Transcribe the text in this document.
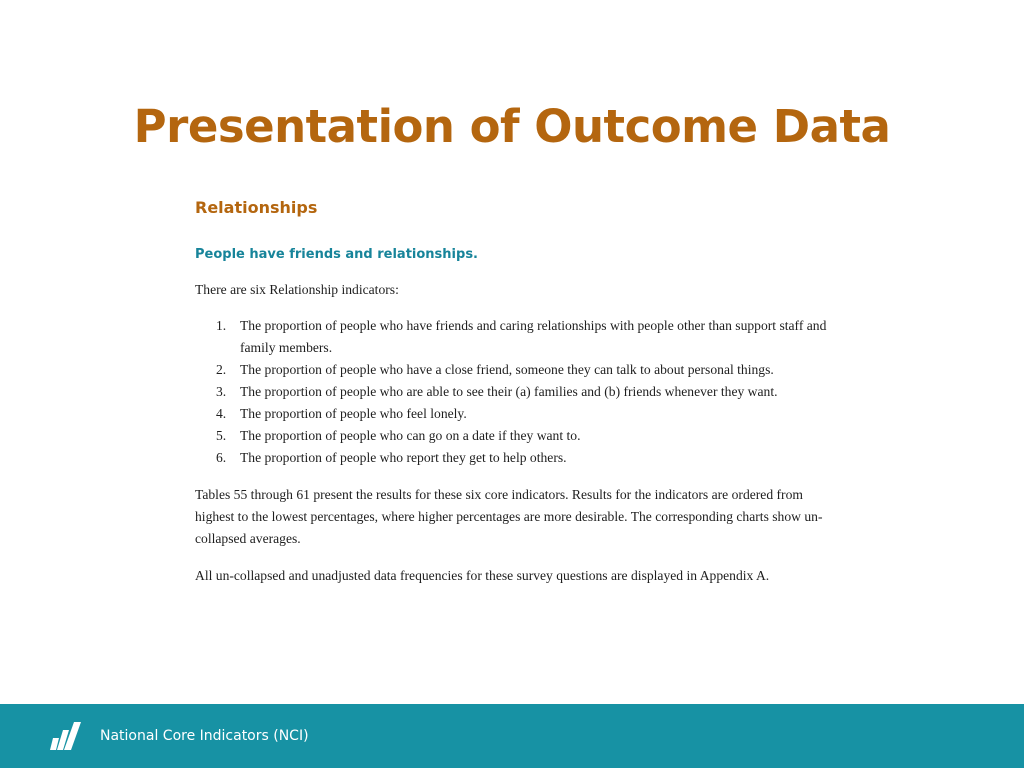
Presentation of Outcome Data
Relationships
People have friends and relationships.

There are six Relationship indicators:

1. The proportion of people who have friends and caring relationships with people other than support staff and family members.
2. The proportion of people who have a close friend, someone they can talk to about personal things.
3. The proportion of people who are able to see their (a) families and (b) friends whenever they want.
4. The proportion of people who feel lonely.
5. The proportion of people who can go on a date if they want to.
6. The proportion of people who report they get to help others.

Tables 55 through 61 present the results for these six core indicators. Results for the indicators are ordered from highest to the lowest percentages, where higher percentages are more desirable. The corresponding charts show un-collapsed averages.

All un-collapsed and unadjusted data frequencies for these survey questions are displayed in Appendix A.

National Core Indicators (NCI)
